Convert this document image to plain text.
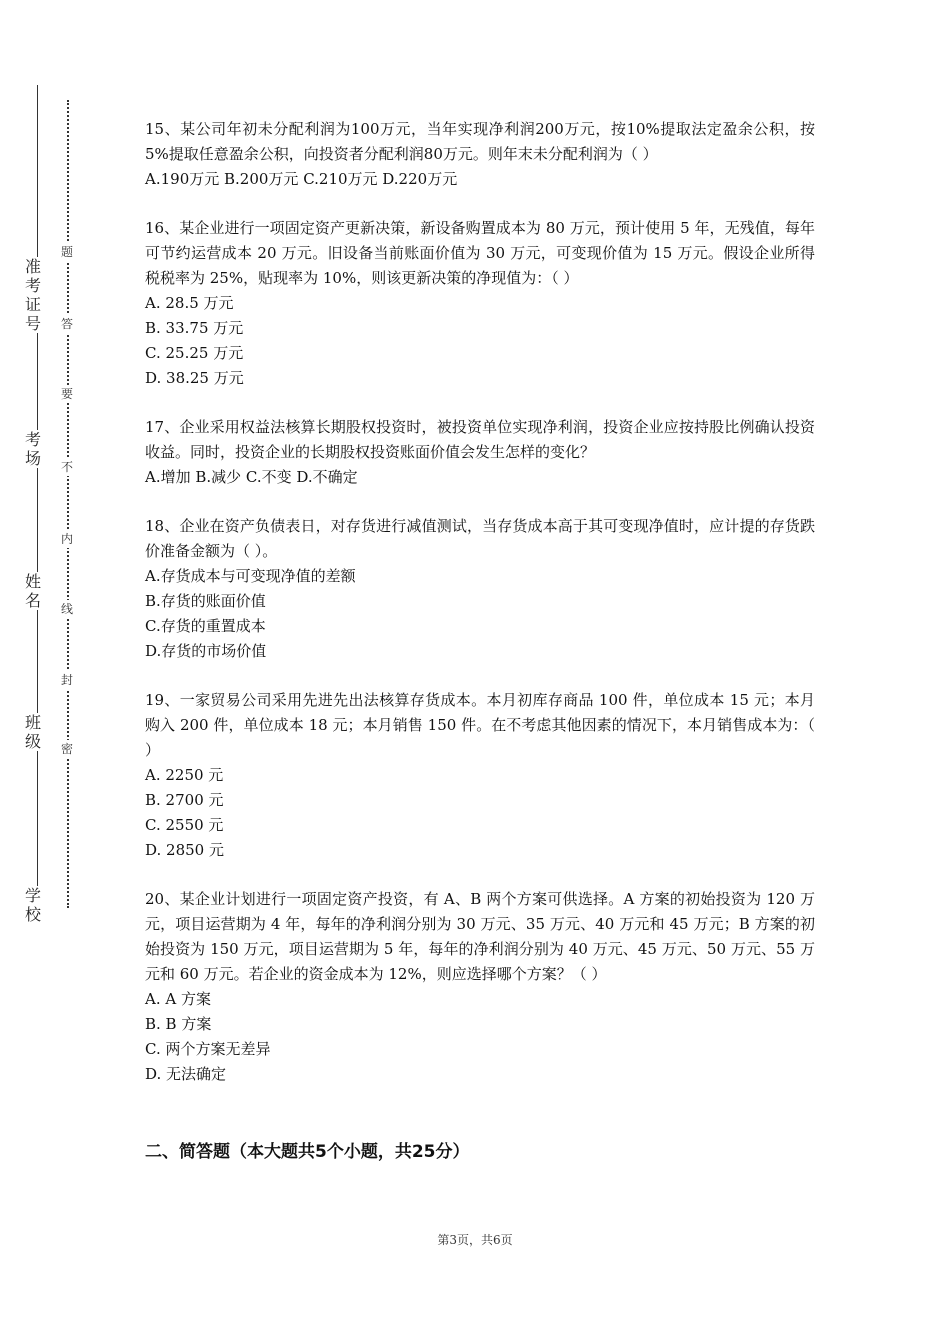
准考证号
考场
姓名
班级
学校
密
封
线
内
不
要
答
题

15、某公司年初未分配利润为100万元，当年实现净利润200万元，按10%提取法定盈余公积，按5%提取任意盈余公积，向投资者分配利润80万元。则年末未分配利润为（ ）

A.190万元 B.200万元 C.210万元 D.220万元

16、某企业进行一项固定资产更新决策，新设备购置成本为 80 万元，预计使用 5 年，无残值，每年可节约运营成本 20 万元。旧设备当前账面价值为 30 万元，可变现价值为 15 万元。假设企业所得税税率为 25%，贴现率为 10%，则该更新决策的净现值为：（ ）

A. 28.5 万元

B. 33.75 万元

C. 25.25 万元

D. 38.25 万元

17、企业采用权益法核算长期股权投资时，被投资单位实现净利润，投资企业应按持股比例确认投资收益。同时，投资企业的长期股权投资账面价值会发生怎样的变化？

A.增加 B.减少 C.不变 D.不确定

18、企业在资产负债表日，对存货进行减值测试，当存货成本高于其可变现净值时，应计提的存货跌价准备金额为（ ）。

A.存货成本与可变现净值的差额

B.存货的账面价值

C.存货的重置成本

D.存货的市场价值

19、一家贸易公司采用先进先出法核算存货成本。本月初库存商品 100 件，单位成本 15 元；本月购入 200 件，单位成本 18 元；本月销售 150 件。在不考虑其他因素的情况下，本月销售成本为：（ ）

A. 2250 元

B. 2700 元

C. 2550 元

D. 2850 元

20、某企业计划进行一项固定资产投资，有 A、B 两个方案可供选择。A 方案的初始投资为 120 万元，项目运营期为 4 年，每年的净利润分别为 30 万元、35 万元、40 万元和 45 万元；B 方案的初始投资为 150 万元，项目运营期为 5 年，每年的净利润分别为 40 万元、45 万元、50 万元、55 万元和 60 万元。若企业的资金成本为 12%，则应选择哪个方案？（ ）

A. A 方案

B. B 方案

C. 两个方案无差异

D. 无法确定

二、简答题（本大题共5个小题，共25分）
第3页，共6页
